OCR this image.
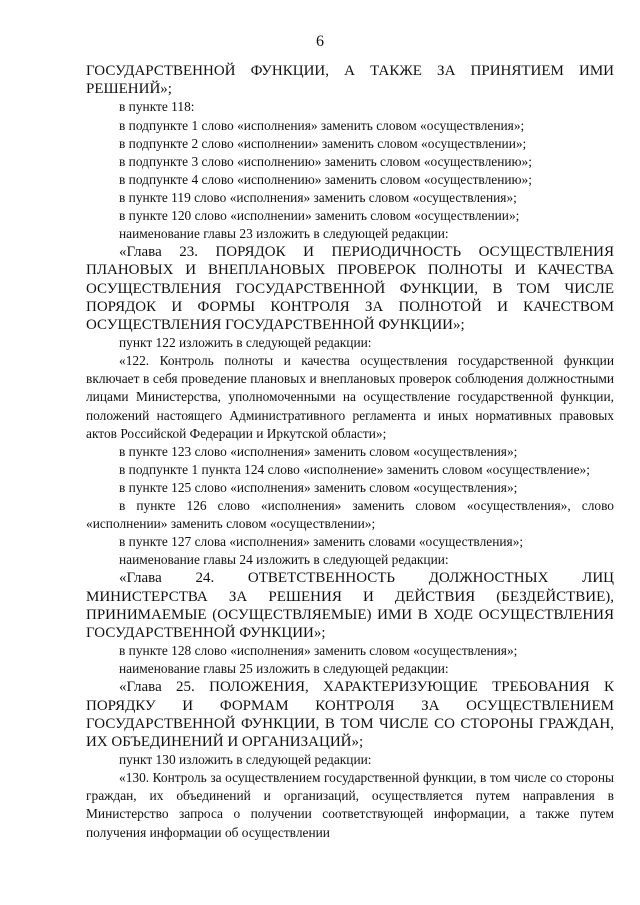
6

ГОСУДАРСТВЕННОЙ ФУНКЦИИ, А ТАКЖЕ ЗА ПРИНЯТИЕМ ИМИ РЕШЕНИЙ»;

в пункте 118:

в подпункте 1 слово «исполнения» заменить словом «осуществления»;

в подпункте 2 слово «исполнении» заменить словом «осуществлении»;

в подпункте 3 слово «исполнению» заменить словом «осуществлению»;

в подпункте 4 слово «исполнению» заменить словом «осуществлению»;

в пункте 119 слово «исполнения» заменить словом «осуществления»;

в пункте 120 слово «исполнении» заменить словом «осуществлении»;

наименование главы 23 изложить в следующей редакции:

«Глава 23. ПОРЯДОК И ПЕРИОДИЧНОСТЬ ОСУЩЕСТВЛЕНИЯ ПЛАНОВЫХ И ВНЕПЛАНОВЫХ ПРОВЕРОК ПОЛНОТЫ И КАЧЕСТВА ОСУЩЕСТВЛЕНИЯ ГОСУДАРСТВЕННОЙ ФУНКЦИИ, В ТОМ ЧИСЛЕ ПОРЯДОК И ФОРМЫ КОНТРОЛЯ ЗА ПОЛНОТОЙ И КАЧЕСТВОМ ОСУЩЕСТВЛЕНИЯ ГОСУДАРСТВЕННОЙ ФУНКЦИИ»;

пункт 122 изложить в следующей редакции:

«122. Контроль полноты и качества осуществления государственной функции включает в себя проведение плановых и внеплановых проверок соблюдения должностными лицами Министерства, уполномоченными на осуществление государственной функции, положений настоящего Административного регламента и иных нормативных правовых актов Российской Федерации и Иркутской области»;

в пункте 123 слово «исполнения» заменить словом «осуществления»;

в подпункте 1 пункта 124 слово «исполнение» заменить словом «осуществление»;

в пункте 125 слово «исполнения» заменить словом «осуществления»;

в пункте 126 слово «исполнения» заменить словом «осуществления», слово «исполнении» заменить словом «осуществлении»;

в пункте 127 слова «исполнения» заменить словами «осуществления»;

наименование главы 24 изложить в следующей редакции:

«Глава 24. ОТВЕТСТВЕННОСТЬ ДОЛЖНОСТНЫХ ЛИЦ МИНИСТЕРСТВА ЗА РЕШЕНИЯ И ДЕЙСТВИЯ (БЕЗДЕЙСТВИЕ), ПРИНИМАЕМЫЕ (ОСУЩЕСТВЛЯЕМЫЕ) ИМИ В ХОДЕ ОСУЩЕСТВЛЕНИЯ ГОСУДАРСТВЕННОЙ ФУНКЦИИ»;

в пункте 128 слово «исполнения» заменить словом «осуществления»;

наименование главы 25 изложить в следующей редакции:

«Глава 25. ПОЛОЖЕНИЯ, ХАРАКТЕРИЗУЮЩИЕ ТРЕБОВАНИЯ К ПОРЯДКУ И ФОРМАМ КОНТРОЛЯ ЗА ОСУЩЕСТВЛЕНИЕМ ГОСУДАРСТВЕННОЙ ФУНКЦИИ, В ТОМ ЧИСЛЕ СО СТОРОНЫ ГРАЖДАН, ИХ ОБЪЕДИНЕНИЙ И ОРГАНИЗАЦИЙ»;

пункт 130 изложить в следующей редакции:

«130. Контроль за осуществлением государственной функции, в том числе со стороны граждан, их объединений и организаций, осуществляется путем направления в Министерство запроса о получении соответствующей информации, а также путем получения информации об осуществлении
